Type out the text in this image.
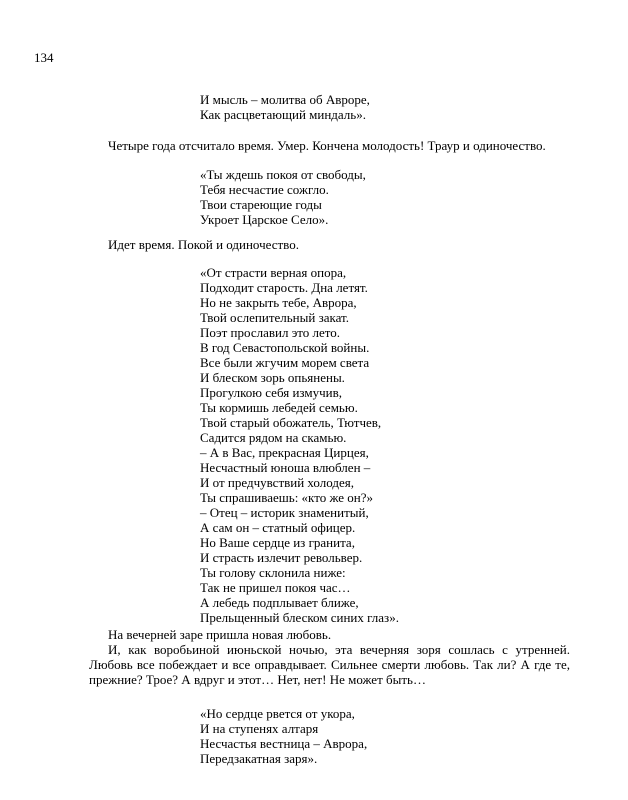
134
И мысль – молитва об Авроре,
Как расцветающий миндаль».
Четыре года отсчитало время. Умер. Кончена молодость! Траур и одиночество.
«Ты ждешь покоя от свободы,
Тебя несчастие сожгло.
Твои стареющие годы
Укроет Царское Село».
Идет время. Покой и одиночество.
«От страсти верная опора,
Подходит старость. Дна летят.
Но не закрыть тебе, Аврора,
Твой ослепительный закат.
Поэт прославил это лето.
В год Севастопольской войны.
Все были жгучим морем света
И блеском зорь опьянены.
Прогулкою себя измучив,
Ты кормишь лебедей семью.
Твой старый обожатель, Тютчев,
Садится рядом на скамью.
– А в Вас, прекрасная Цирцея,
Несчастный юноша влюблен –
И от предчувствий холодея,
Ты спрашиваешь: «кто же он?»
– Отец – историк знаменитый,
А сам он – статный офицер.
Но Ваше сердце из гранита,
И страсть излечит револьвер.
Ты голову склонила ниже:
Так не пришел покоя час…
А лебедь подплывает ближе,
Прельщенный блеском синих глаз».
На вечерней заре пришла новая любовь.
И, как воробьиной июньской ночью, эта вечерняя зоря сошлась с утренней.
Любовь все побеждает и все оправдывает. Сильнее смерти любовь. Так ли? А где те,
прежние? Трое? А вдруг и этот… Нет, нет! Не может быть…
«Но сердце рвется от укора,
И на ступенях алтаря
Несчастья вестница – Аврора,
Передзакатная заря».
